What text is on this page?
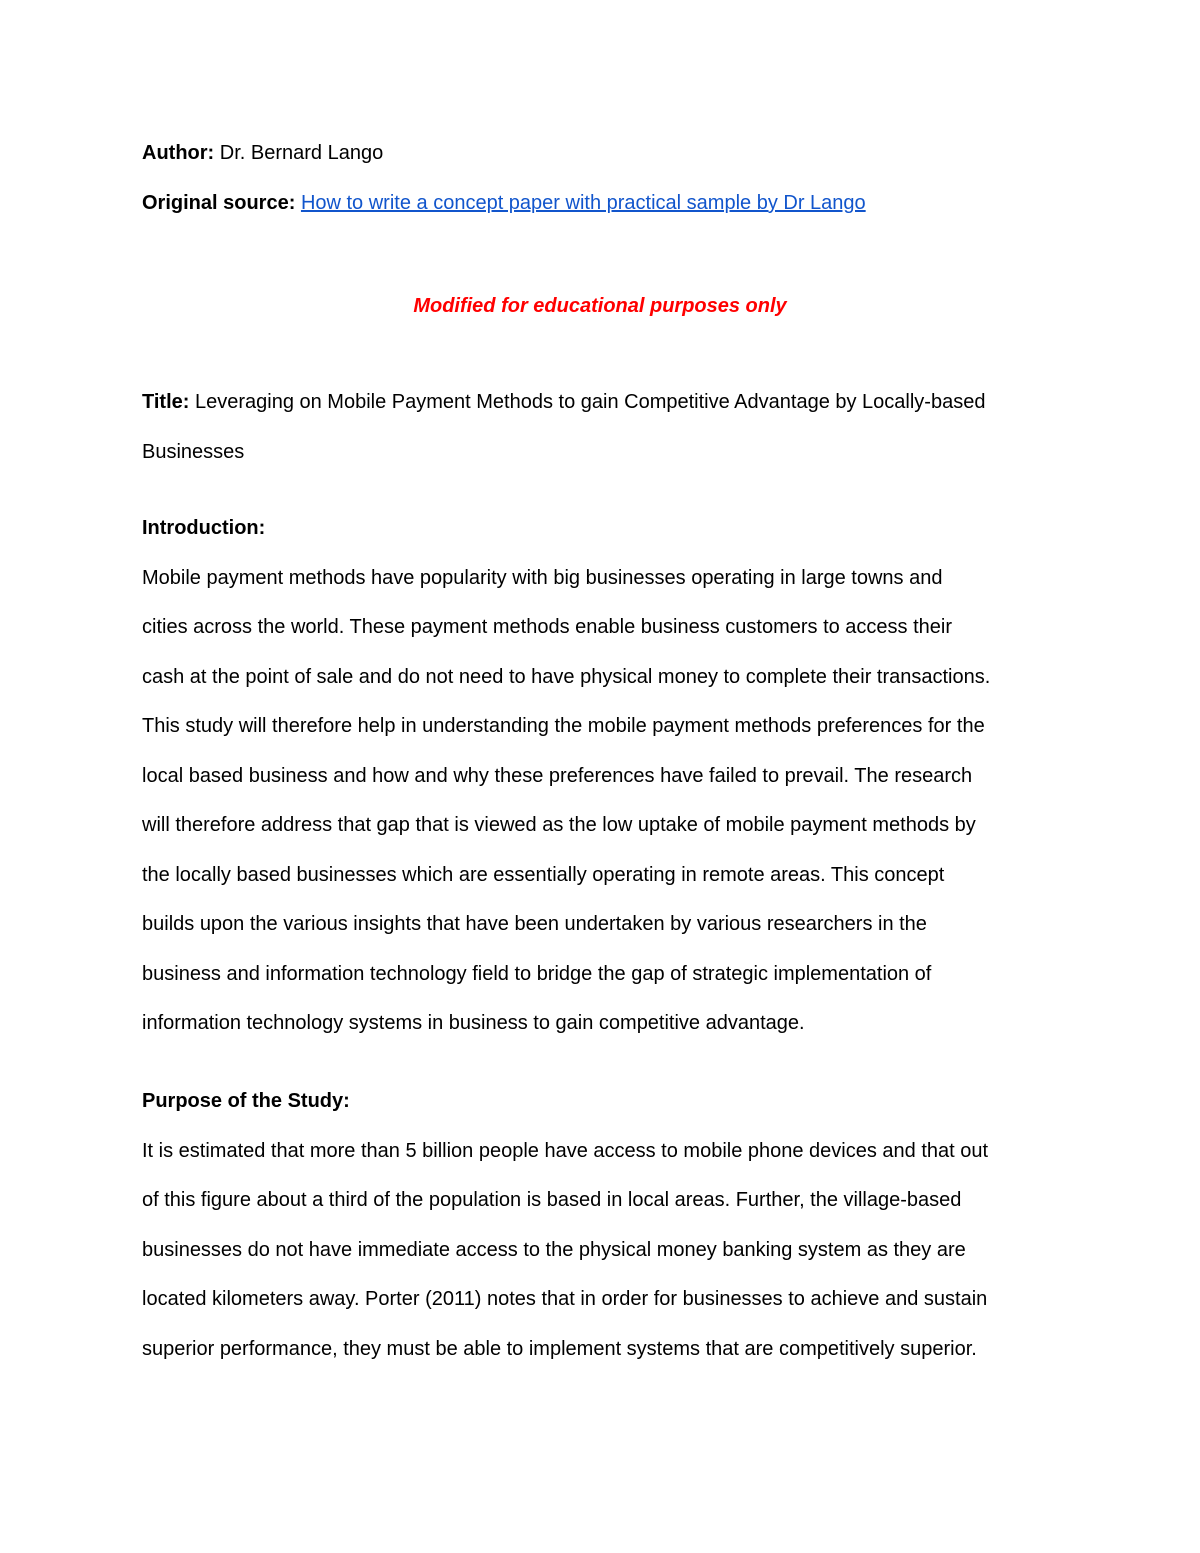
Author: Dr. Bernard Lango
Original source: How to write a concept paper with practical sample by Dr Lango
Modified for educational purposes only
Title: Leveraging on Mobile Payment Methods to gain Competitive Advantage by Locally-based
Businesses
Introduction:
Mobile payment methods have popularity with big businesses operating in large towns and
cities across the world. These payment methods enable business customers to access their
cash at the point of sale and do not need to have physical money to complete their transactions.
This study will therefore help in understanding the mobile payment methods preferences for the
local based business and how and why these preferences have failed to prevail. The research
will therefore address that gap that is viewed as the low uptake of mobile payment methods by
the locally based businesses which are essentially operating in remote areas. This concept
builds upon the various insights that have been undertaken by various researchers in the
business and information technology field to bridge the gap of strategic implementation of
information technology systems in business to gain competitive advantage.
Purpose of the Study:
It is estimated that more than 5 billion people have access to mobile phone devices and that out
of this figure about a third of the population is based in local areas. Further, the village-based
businesses do not have immediate access to the physical money banking system as they are
located kilometers away. Porter (2011) notes that in order for businesses to achieve and sustain
superior performance, they must be able to implement systems that are competitively superior.
